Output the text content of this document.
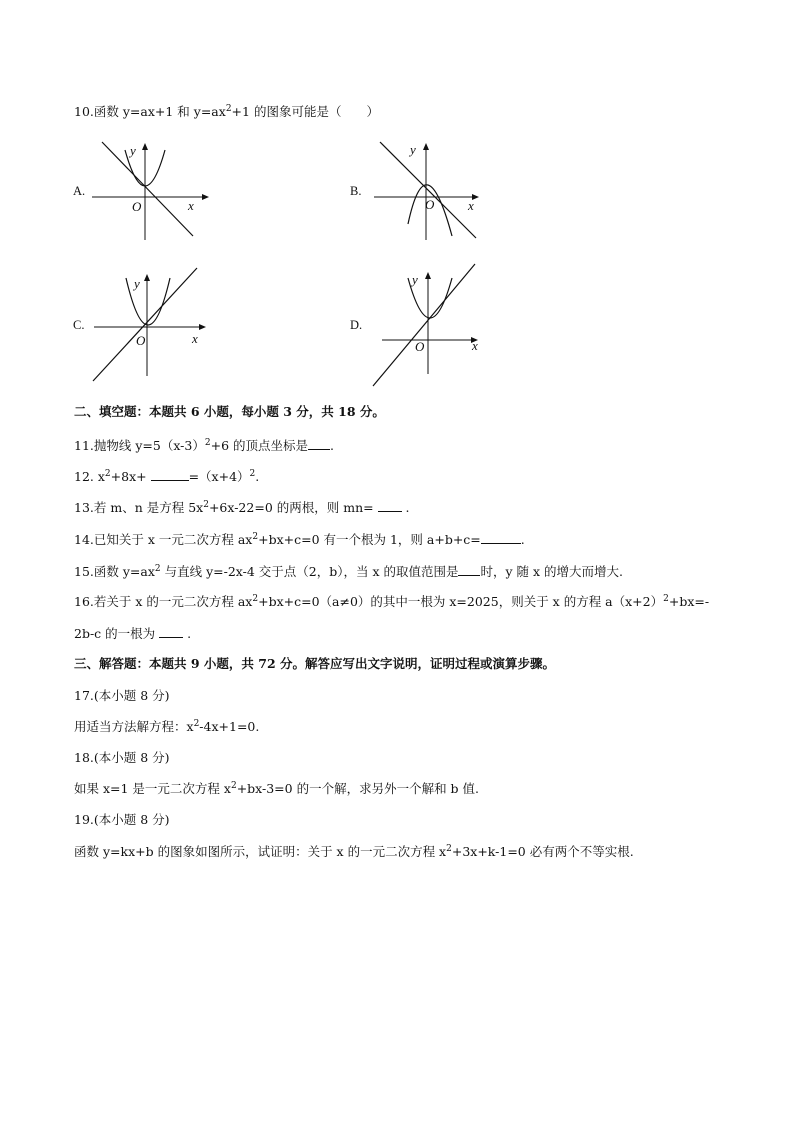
10.函数 y=ax+1 和 $y=ax^2+1$ 的图象可能是（　　）
A.
y
x
O
B.
y
x
O
C.
y
x
O
D.
y
x
O
二、填空题：本题共 6 小题，每小题 3 分，共 18 分。
11.抛物线 $y=5(x-3)^2+6$ 的顶点坐标是 .
12. $x^2+8x+$	$=(x+4)^2$.
13.若 m、n 是方程 $5x^2+6x-22=0$ 的两根，则 mn=  .
14.已知关于 x 一元二次方程 $ax^2+bx+c=0$ 有一个根为 1，则 a+b+c=	.
15.函数 $y=ax^2$ 与直线 y=-2x-4 交于点（2，b），当 x 的取值范围是 时，y 随 x 的增大而增大.
16.若关于 x 的一元二次方程 $ax^2+bx+c=0(a\ne 0)$的其中一根为 x=2025，则关于 x 的方程 $a(x+2)^2+bx=-$
2b-c 的一根为  .
三、解答题：本题共 9 小题，共 72 分。解答应写出文字说明，证明过程或演算步骤。
17.(本小题 8 分)
用适当方法解方程：$x^2-4x+1=0$.
18.(本小题 8 分)
如果 x=1 是一元二次方程 $x^2+bx-3=0$ 的一个解，求另外一个解和 b 值.
19.(本小题 8 分)
函数 y=kx+b 的图象如图所示，试证明：关于 x 的一元二次方程 $x^2+3x+k-1=0$ 必有两个不等实根.
